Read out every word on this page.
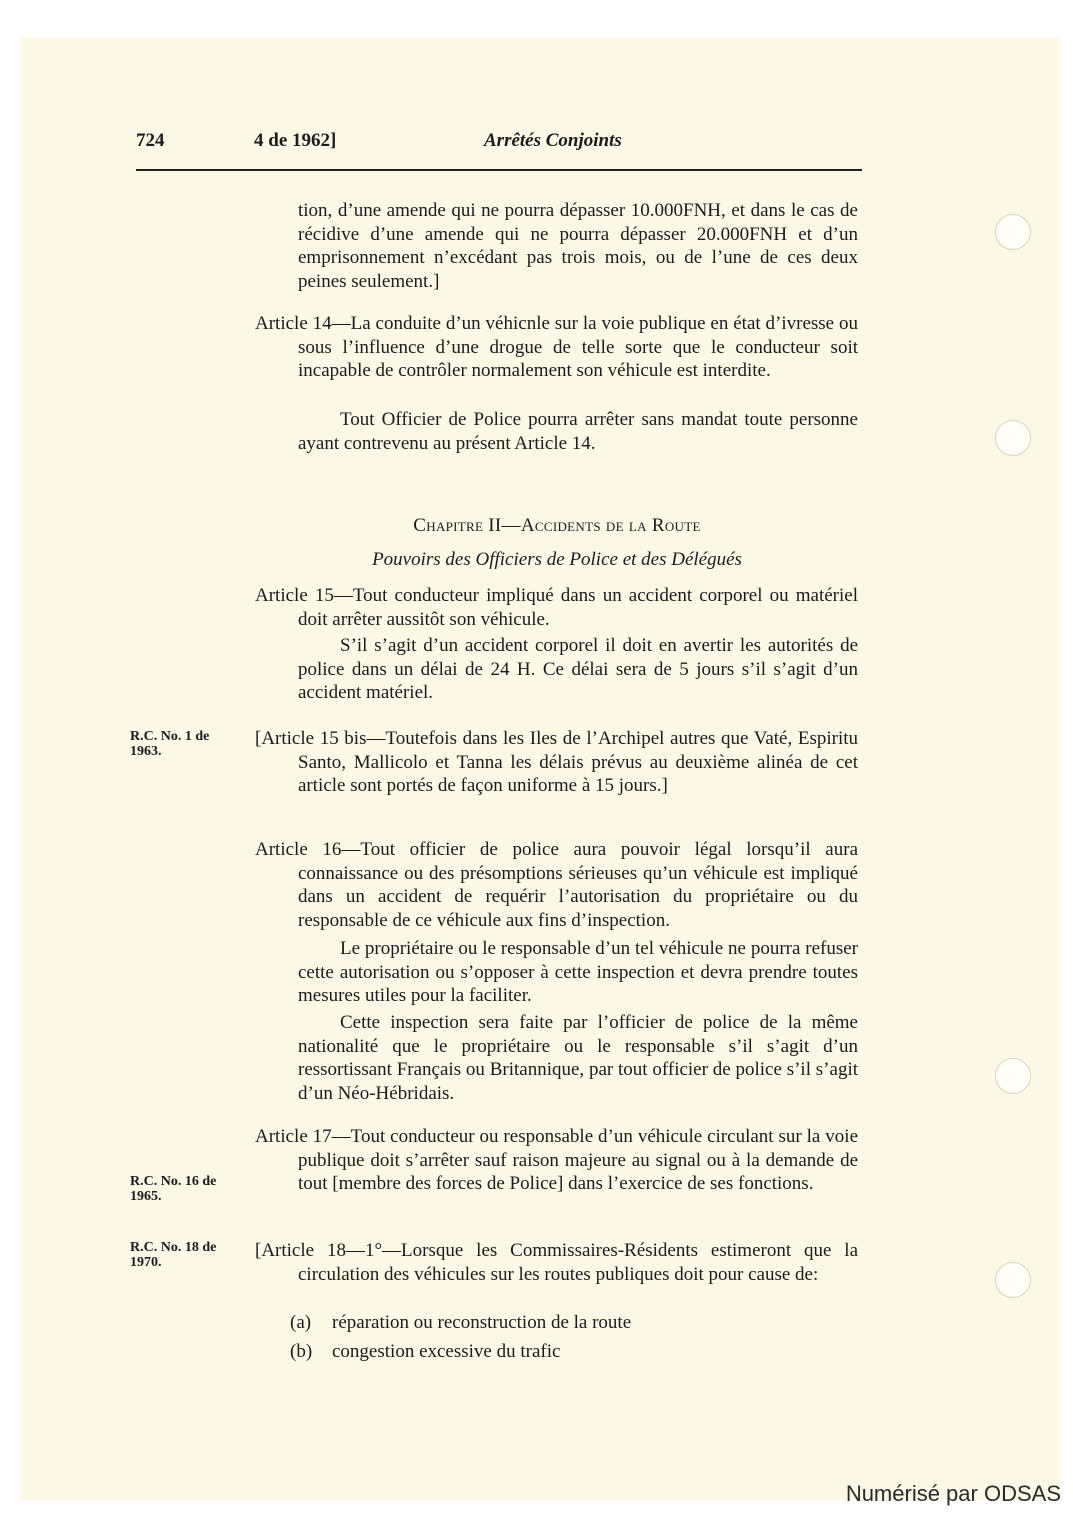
724	4 de 1962]	Arrêtés Conjoints

tion, d’une amende qui ne pourra dépasser 10.000FNH, et dans le cas de récidive d’une amende qui ne pourra dépasser 20.000FNH et d’un emprisonnement n’excédant pas trois mois, ou de l’une de ces deux peines seulement.]

Article 14—La conduite d’un véhicnle sur la voie publique en état d’ivresse ou sous l’influence d’une drogue de telle sorte que le conducteur soit incapable de contrôler normalement son véhicule est interdite.

Tout Officier de Police pourra arrêter sans mandat toute personne ayant contrevenu au présent Article 14.

Chapitre II—Accidents de la Route
Pouvoirs des Officiers de Police et des Délégués

Article 15—Tout conducteur impliqué dans un accident corporel ou matériel doit arrêter aussitôt son véhicule.

S’il s’agit d’un accident corporel il doit en avertir les autorités de police dans un délai de 24 H. Ce délai sera de 5 jours s’il s’agit d’un accident matériel.

R.C. No. 1 de 1963.

[Article 15 bis—Toutefois dans les Iles de l’Archipel autres que Vaté, Espiritu Santo, Mallicolo et Tanna les délais prévus au deuxième alinéa de cet article sont portés de façon uniforme à 15 jours.]

Article 16—Tout officier de police aura pouvoir légal lorsqu’il aura connaissance ou des présomptions sérieuses qu’un véhicule est impliqué dans un accident de requérir l’autorisation du propriétaire ou du responsable de ce véhicule aux fins d’inspection.

Le propriétaire ou le responsable d’un tel véhicule ne pourra refuser cette autorisation ou s’opposer à cette inspection et devra prendre toutes mesures utiles pour la faciliter.

Cette inspection sera faite par l’officier de police de la même nationalité que le propriétaire ou le responsable s’il s’agit d’un ressortissant Français ou Britannique, par tout officier de police s’il s’agit d’un Néo-Hébridais.

Article 17—Tout conducteur ou responsable d’un véhicule circulant sur la voie publique doit s’arrêter sauf raison majeure au signal ou à la demande de tout [membre des forces de Police] dans l’exercice de ses fonctions.

R.C. No. 16 de 1965.
R.C. No. 18 de 1970.

[Article 18—1°—Lorsque les Commissaires-Résidents estimeront que la circulation des véhicules sur les routes publiques doit pour cause de:

(a) réparation ou reconstruction de la route
(b) congestion excessive du trafic
Numérisé par ODSAS
